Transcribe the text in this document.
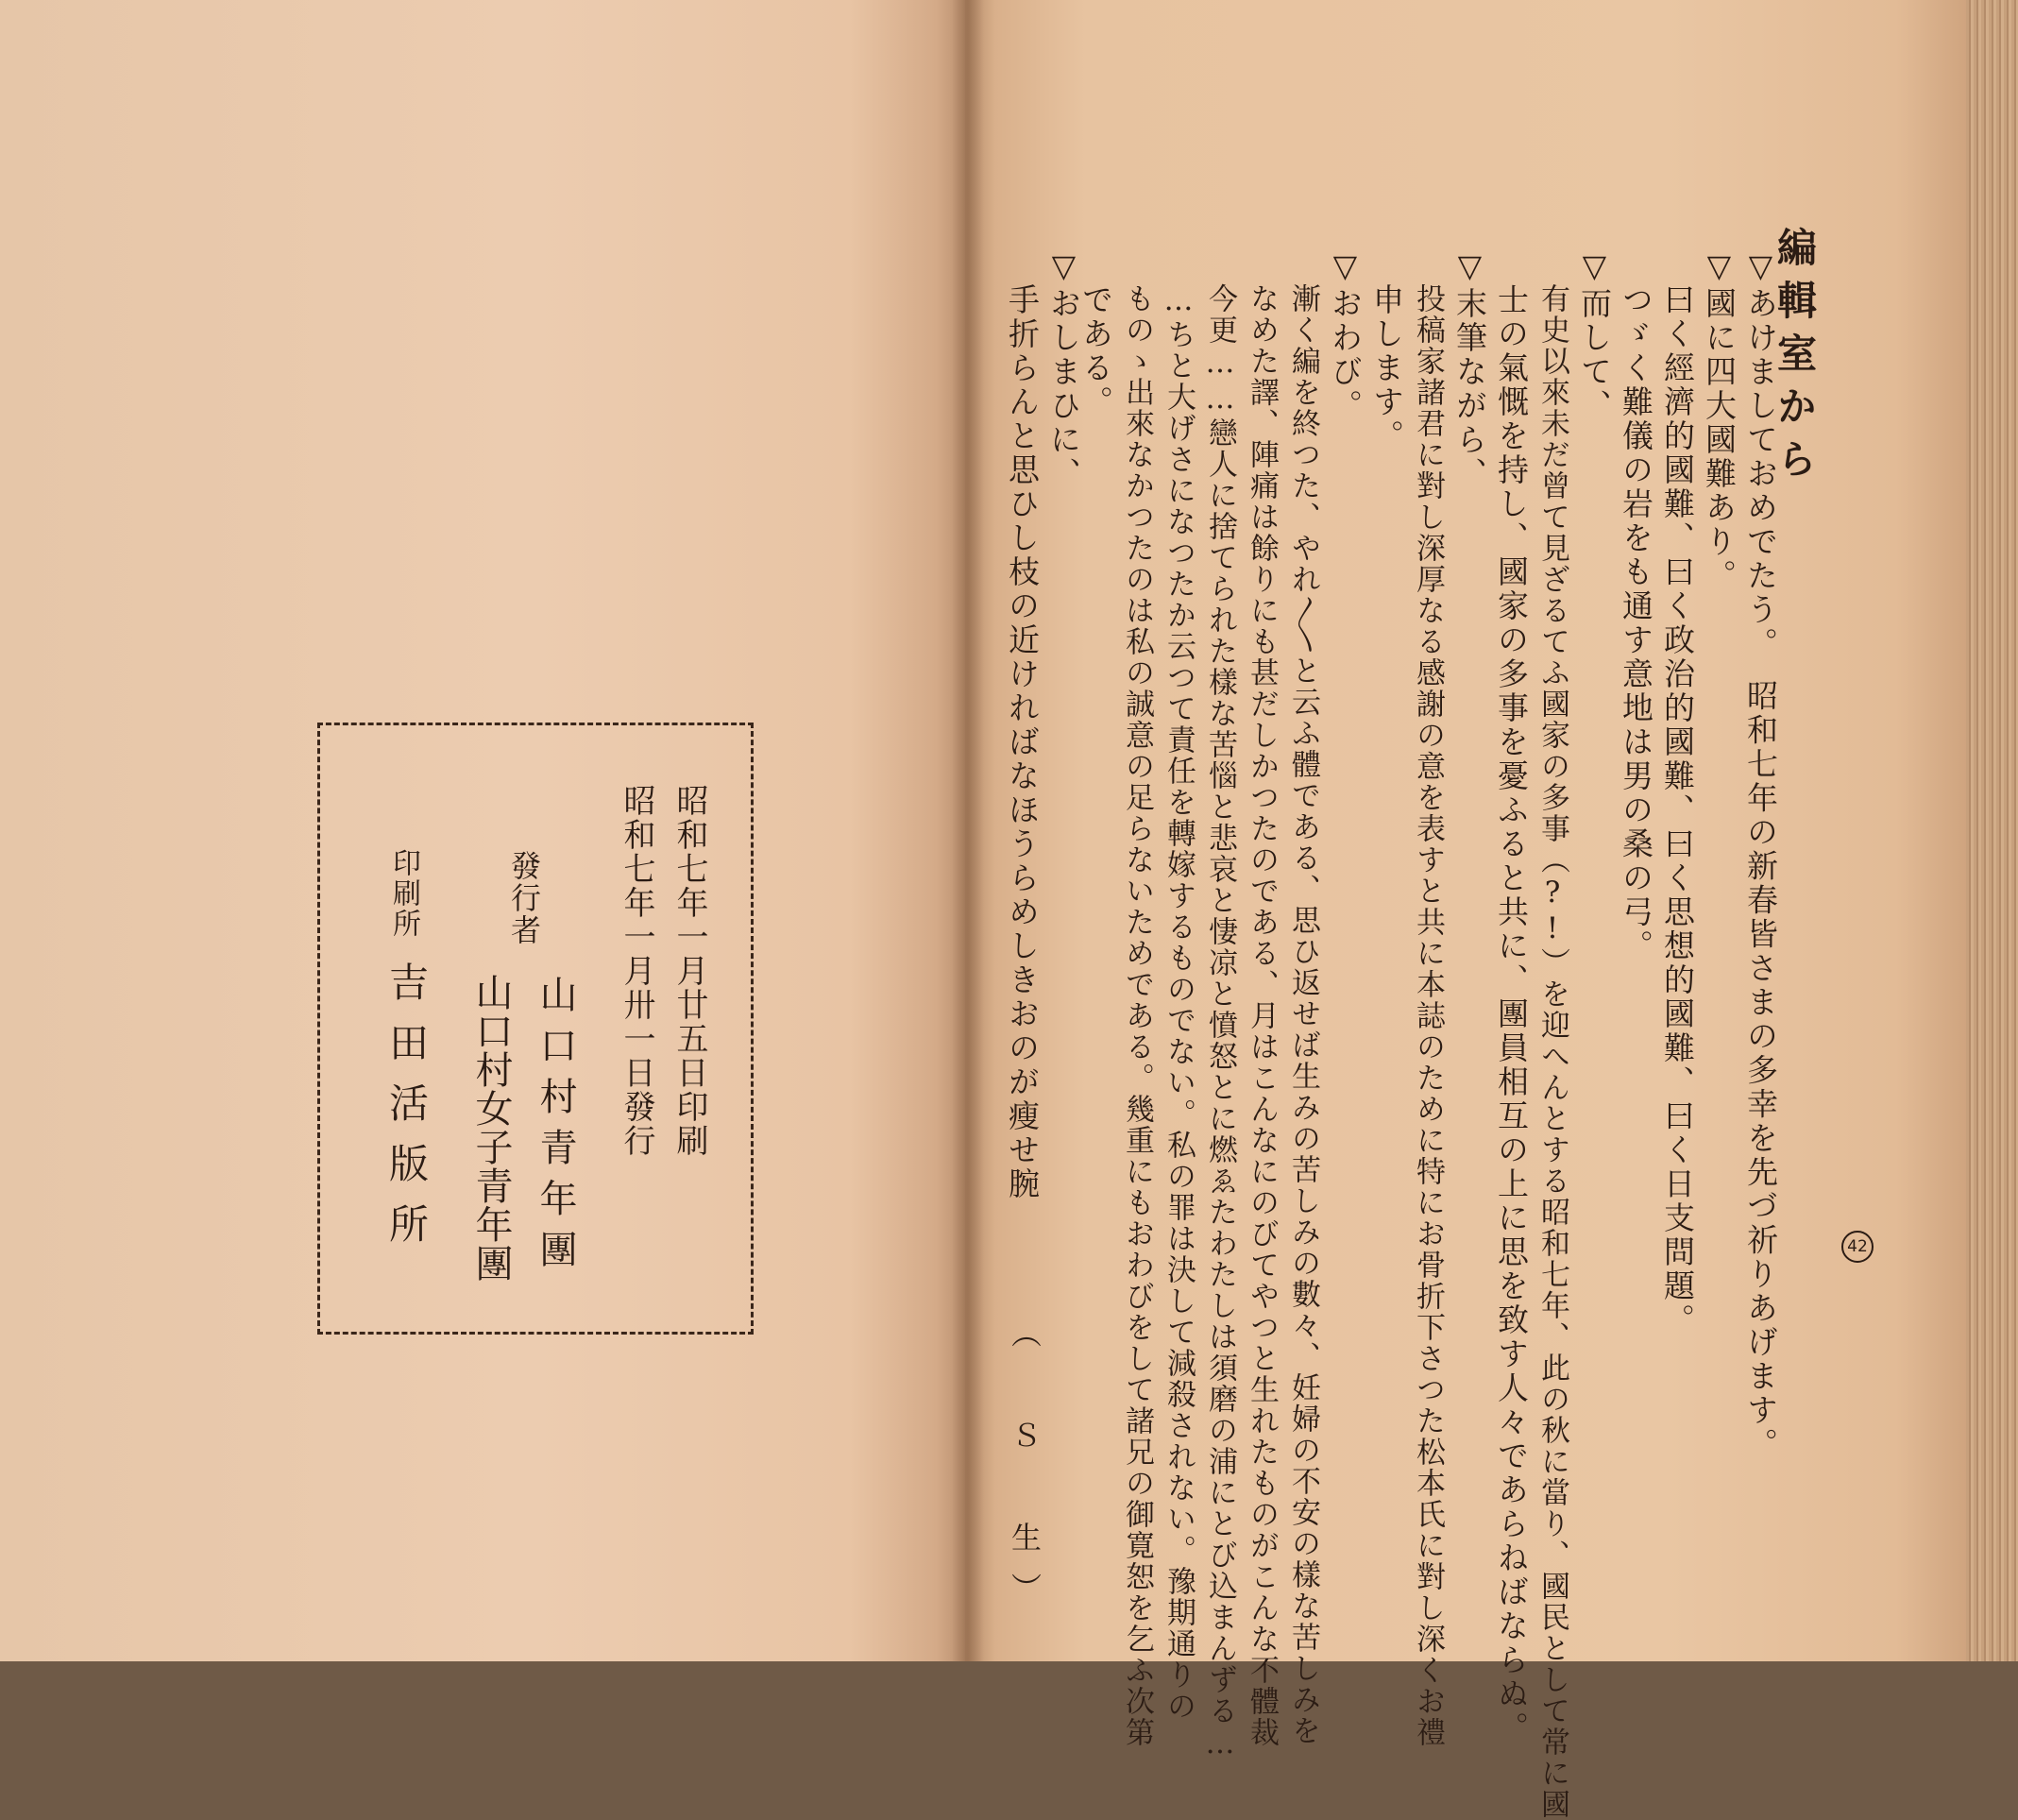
昭和七年一月廿五日印刷
昭和七年一月卅一日發行
發行者
山口村青年團
山口村女子青年團
印刷所
吉田活版所
編輯室から
▽あけましておめでたう。　昭和七年の新春皆さまの多幸を先づ祈りあげます。
▽國に四大國難あり。
曰く經濟的國難、曰く政治的國難、曰く思想的國難、曰く日支問題。
つゞく難儀の岩をも通す意地は男の桑の弓。
▽而して、
有史以來未だ曾て見ざるてふ國家の多事（?!）を迎へんとする昭和七年、此の秋に當り、國民として常に國
士の氣慨を持し、國家の多事を憂ふると共に、團員相互の上に思を致す人々であらねばならぬ。
▽末筆ながら、
投稿家諸君に對し深厚なる感謝の意を表すと共に本誌のために特にお骨折下さつた松本氏に對し深くお禮
申します。
▽おわび。
漸く編を終つた、やれ〳〵と云ふ體である、思ひ返せば生みの苦しみの數々、妊婦の不安の樣な苦しみを
なめた譯、陣痛は餘りにも甚だしかつたのである、月はこんなにのびてやつと生れたものがこんな不體裁
今更……戀人に捨てられた樣な苦惱と悲哀と悽凉と憤怒とに燃ゑたわたしは須磨の浦にとび込まんずる…
…ちと大げさになつたか云つて責任を轉嫁するものでない。私の罪は決して減殺されない。豫期通りの
ものゝ出來なかつたのは私の誠意の足らないためである。幾重にもおわびをして諸兄の御寛恕を乞ふ次第
である。
▽おしまひに、
手折らんと思ひし枝の近ければなほうらめしきおのが瘦せ腕
（　Ｓ　生）
42
